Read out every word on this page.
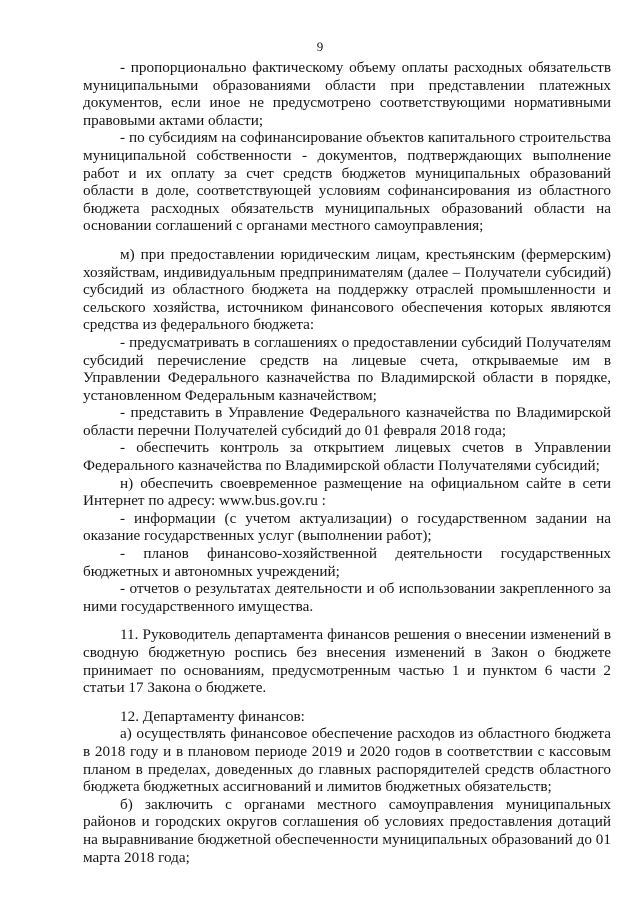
9

- пропорционально фактическому объему оплаты расходных обязательств муниципальными образованиями области при представлении платежных документов, если иное не предусмотрено соответствующими нормативными правовыми актами области;

- по субсидиям на софинансирование объектов капитального строительства муниципальной собственности - документов, подтверждающих выполнение работ и их оплату за счет средств бюджетов муниципальных образований области в доле, соответствующей условиям софинансирования из областного бюджета расходных обязательств муниципальных образований области на основании соглашений с органами местного самоуправления;

м) при предоставлении юридическим лицам, крестьянским (фермерским) хозяйствам, индивидуальным предпринимателям (далее – Получатели субсидий) субсидий из областного бюджета на поддержку отраслей промышленности и сельского хозяйства, источником финансового обеспечения которых являются средства из федерального бюджета:

- предусматривать в соглашениях о предоставлении субсидий Получателям субсидий перечисление средств на лицевые счета, открываемые им в Управлении Федерального казначейства по Владимирской области в порядке, установленном Федеральным казначейством;

- представить в Управление Федерального казначейства по Владимирской области перечни Получателей субсидий до 01 февраля 2018 года;

- обеспечить контроль за открытием лицевых счетов в Управлении Федерального казначейства по Владимирской области Получателями субсидий;

н) обеспечить своевременное размещение на официальном сайте в сети Интернет по адресу: www.bus.gov.ru :

- информации (с учетом актуализации) о государственном задании на оказание государственных услуг (выполнении работ);

- планов финансово-хозяйственной деятельности государственных бюджетных и автономных учреждений;

- отчетов о результатах деятельности и об использовании закрепленного за ними государственного имущества.

11. Руководитель департамента финансов решения о внесении изменений в сводную бюджетную роспись без внесения изменений в Закон о бюджете принимает по основаниям, предусмотренным частью 1 и пунктом 6 части 2 статьи 17 Закона о бюджете.

12. Департаменту финансов:

а) осуществлять финансовое обеспечение расходов из областного бюджета в 2018 году и в плановом периоде 2019 и 2020 годов в соответствии с кассовым планом в пределах, доведенных до главных распорядителей средств областного бюджета бюджетных ассигнований и лимитов бюджетных обязательств;

б) заключить с органами местного самоуправления муниципальных районов и городских округов соглашения об условиях предоставления дотаций на выравнивание бюджетной обеспеченности муниципальных образований до 01 марта 2018 года;
